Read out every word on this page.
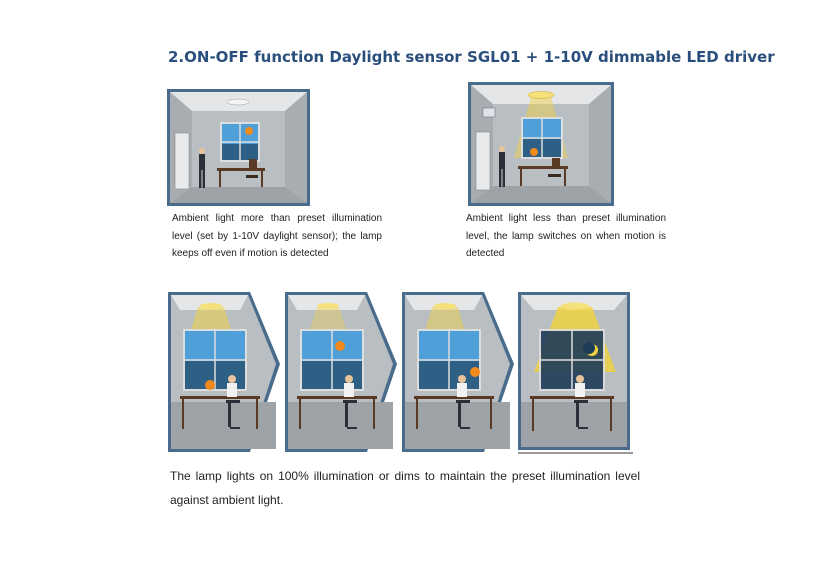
2.ON-OFF function Daylight sensor SGL01 + 1-10V dimmable LED driver
Ambient light more than preset illumination level (set by 1-10V daylight sensor); the lamp keeps off even if motion is detected
Ambient light less than preset illumination level, the lamp switches on when motion is detected
The lamp lights on 100% illumination or dims to maintain the preset illumination level against ambient light.
